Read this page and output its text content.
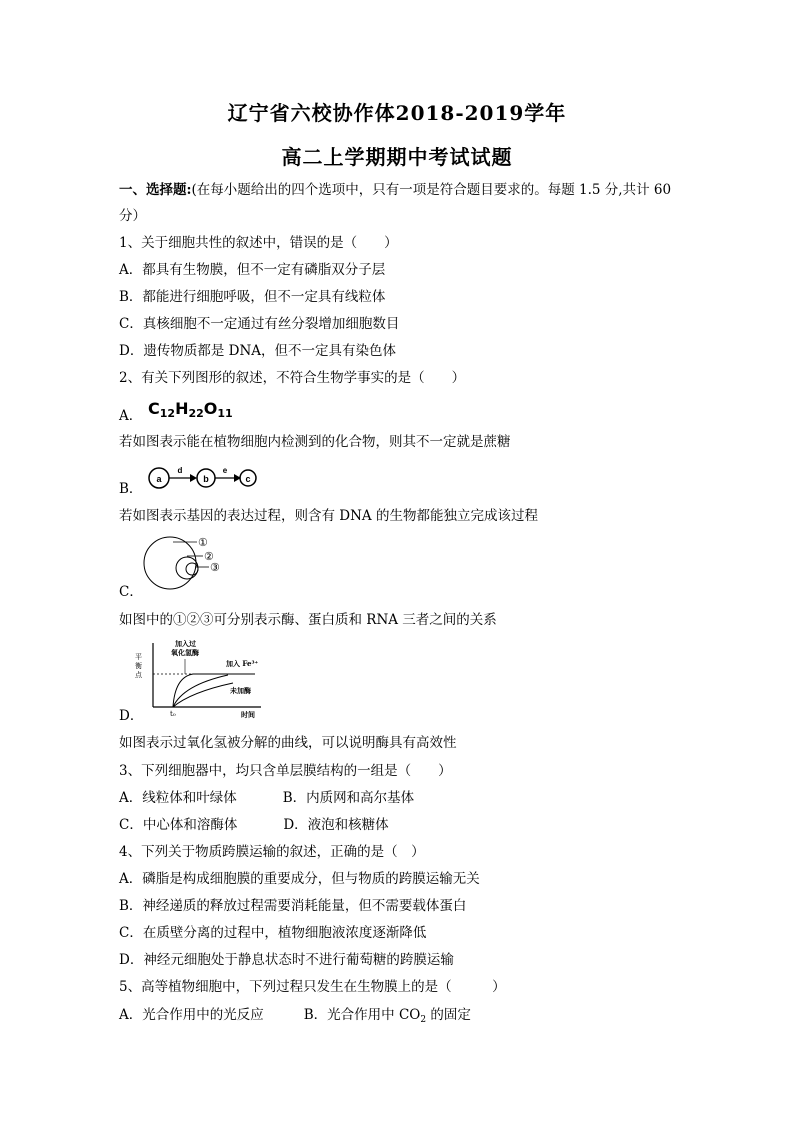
辽宁省六校协作体2018-2019学年
高二上学期期中考试试题
一、选择题:(在每小题给出的四个选项中，只有一项是符合题目要求的。每题 1.5 分,共计 60
分）
1、关于细胞共性的叙述中，错误的是（　　）
A．都具有生物膜，但不一定有磷脂双分子层
B．都能进行细胞呼吸，但不一定具有线粒体
C．真核细胞不一定通过有丝分裂增加细胞数目
D．遗传物质都是 DNA，但不一定具有染色体
2、有关下列图形的叙述，不符合生物学事实的是（　　）
A． $C_{12}H_{22}O_{11}$
若如图表示能在植物细胞内检测到的化合物，则其不一定就是蔗糖
B．
a
d
b
e
c
若如图表示基因的表达过程，则含有 DNA 的生物都能独立完成该过程
①
②
③
C．
如图中的①②③可分别表示酶、蛋白质和 RNA 三者之间的关系
平
衡
点
加入过
氧化氢酶
加入 Fe³⁺
未加酶
t₀	时间
D．
如图表示过氧化氢被分解的曲线，可以说明酶具有高效性
3、下列细胞器中，均只含单层膜结构的一组是（　　）
A．线粒体和叶绿体	B．内质网和高尔基体
C．中心体和溶酶体	D．液泡和核糖体
4、下列关于物质跨膜运输的叙述，正确的是（　）
A．磷脂是构成细胞膜的重要成分，但与物质的跨膜运输无关
B．神经递质的释放过程需要消耗能量，但不需要载体蛋白
C．在质壁分离的过程中，植物细胞液浓度逐渐降低
D．神经元细胞处于静息状态时不进行葡萄糖的跨膜运输
5、高等植物细胞中，下列过程只发生在生物膜上的是（　　　）
A．光合作用中的光反应	B．光合作用中 $CO_2$ 的固定
